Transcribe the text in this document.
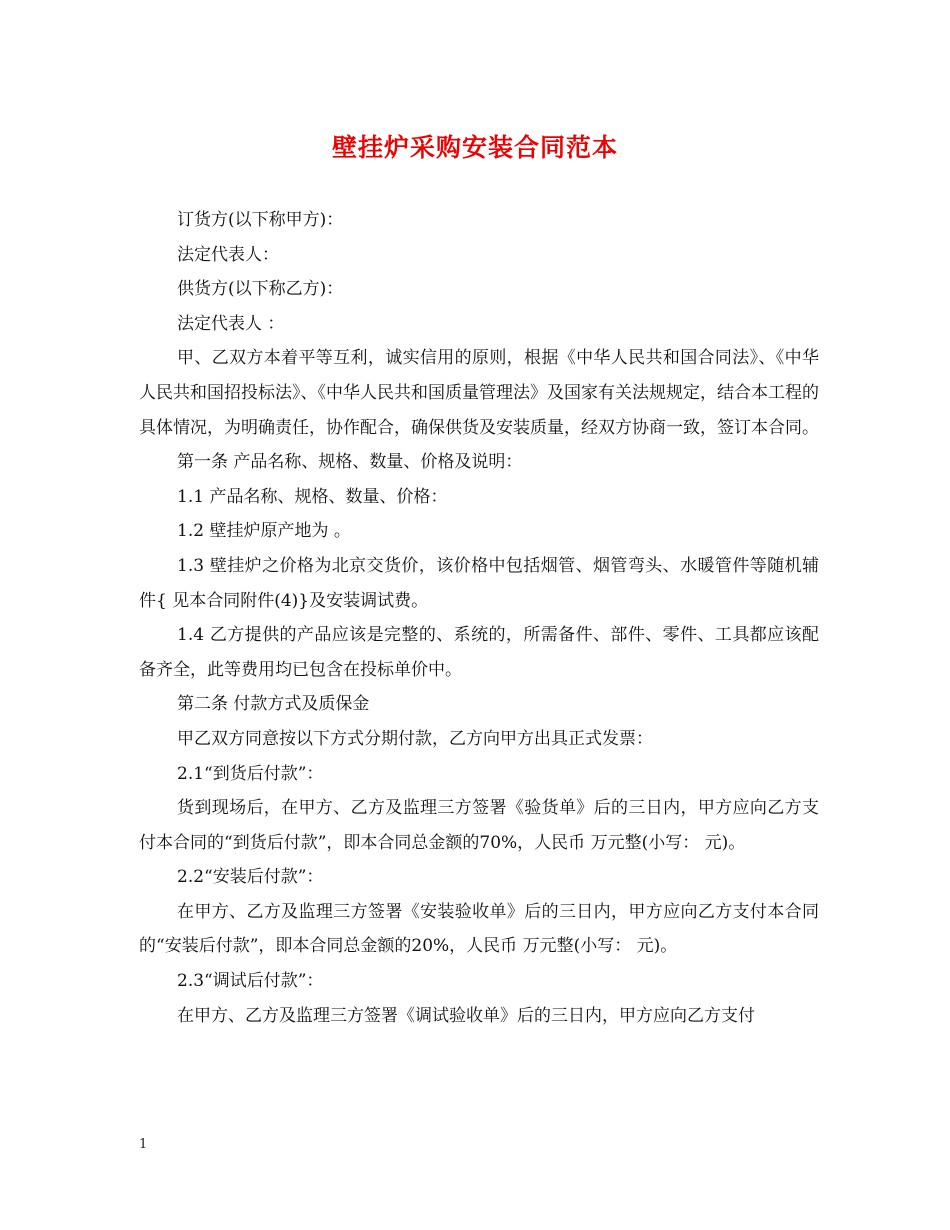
壁挂炉采购安装合同范本

订货方(以下称甲方)：

法定代表人：

供货方(以下称乙方)：

法定代表人 ：

甲、乙双方本着平等互利，诚实信用的原则，根据《中华人民共和国合同法》、《中华人民共和国招投标法》、《中华人民共和国质量管理法》及国家有关法规规定，结合本工程的具体情况，为明确责任，协作配合，确保供货及安装质量，经双方协商一致，签订本合同。

第一条 产品名称、规格、数量、价格及说明：

1.1 产品名称、规格、数量、价格：

1.2 壁挂炉原产地为 。

1.3 壁挂炉之价格为北京交货价，该价格中包括烟管、烟管弯头、水暖管件等随机辅件{ 见本合同附件(4)}及安装调试费。

1.4 乙方提供的产品应该是完整的、系统的，所需备件、部件、零件、工具都应该配备齐全，此等费用均已包含在投标单价中。

第二条 付款方式及质保金

甲乙双方同意按以下方式分期付款，乙方向甲方出具正式发票：

2.1“到货后付款”：

货到现场后，在甲方、乙方及监理三方签署《验货单》后的三日内，甲方应向乙方支付本合同的“到货后付款”，即本合同总金额的70%，人民币 万元整(小写： 元)。

2.2“安装后付款”：

在甲方、乙方及监理三方签署《安装验收单》后的三日内，甲方应向乙方支付本合同的“安装后付款”，即本合同总金额的20%，人民币 万元整(小写： 元)。

2.3“调试后付款”：

在甲方、乙方及监理三方签署《调试验收单》后的三日内，甲方应向乙方支付

1
